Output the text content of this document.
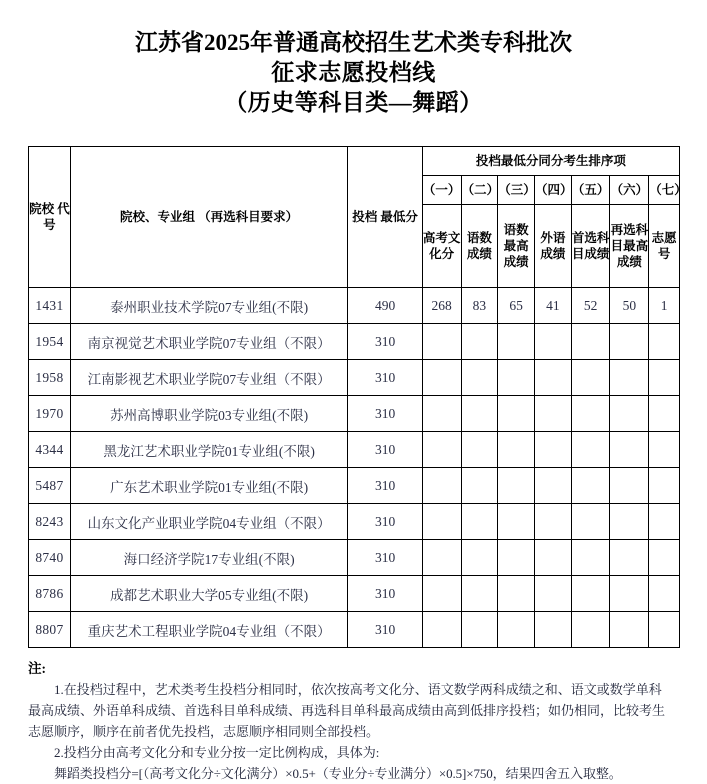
江苏省2025年普通高校招生艺术类专科批次
征求志愿投档线
（历史等科目类—舞蹈）
院校 代号	院校、专业组 （再选科目要求）	投档 最低分	投档最低分同分考生排序项						
			（一）	（二）	（三）	（四）	（五）	（六）	（七）
			高考文化分	语数成绩	语数最高成绩	外语成绩	首选科目成绩	再选科目最高成绩	志愿号
1431	泰州职业技术学院07专业组(不限)	490	268	83	65	41	52	50	1
1954	南京视觉艺术职业学院07专业组（不限）	310							
1958	江南影视艺术职业学院07专业组（不限）	310							
1970	苏州高博职业学院03专业组(不限)	310							
4344	黑龙江艺术职业学院01专业组(不限)	310							
5487	广东艺术职业学院01专业组(不限)	310							
8243	山东文化产业职业学院04专业组（不限）	310							
8740	海口经济学院17专业组(不限)	310							
8786	成都艺术职业大学05专业组(不限)	310							
8807	重庆艺术工程职业学院04专业组（不限）	310							
注:
1.在投档过程中，艺术类考生投档分相同时，依次按高考文化分、语文数学两科成绩之和、语文或数学单科
最高成绩、外语单科成绩、首选科目单科成绩、再选科目单科最高成绩由高到低排序投档；如仍相同，比较考生
志愿顺序，顺序在前者优先投档，志愿顺序相同则全部投档。
2.投档分由高考文化分和专业分按一定比例构成，具体为:
舞蹈类投档分=[（高考文化分÷文化满分）×0.5+（专业分÷专业满分）×0.5]×750，结果四舍五入取整。
